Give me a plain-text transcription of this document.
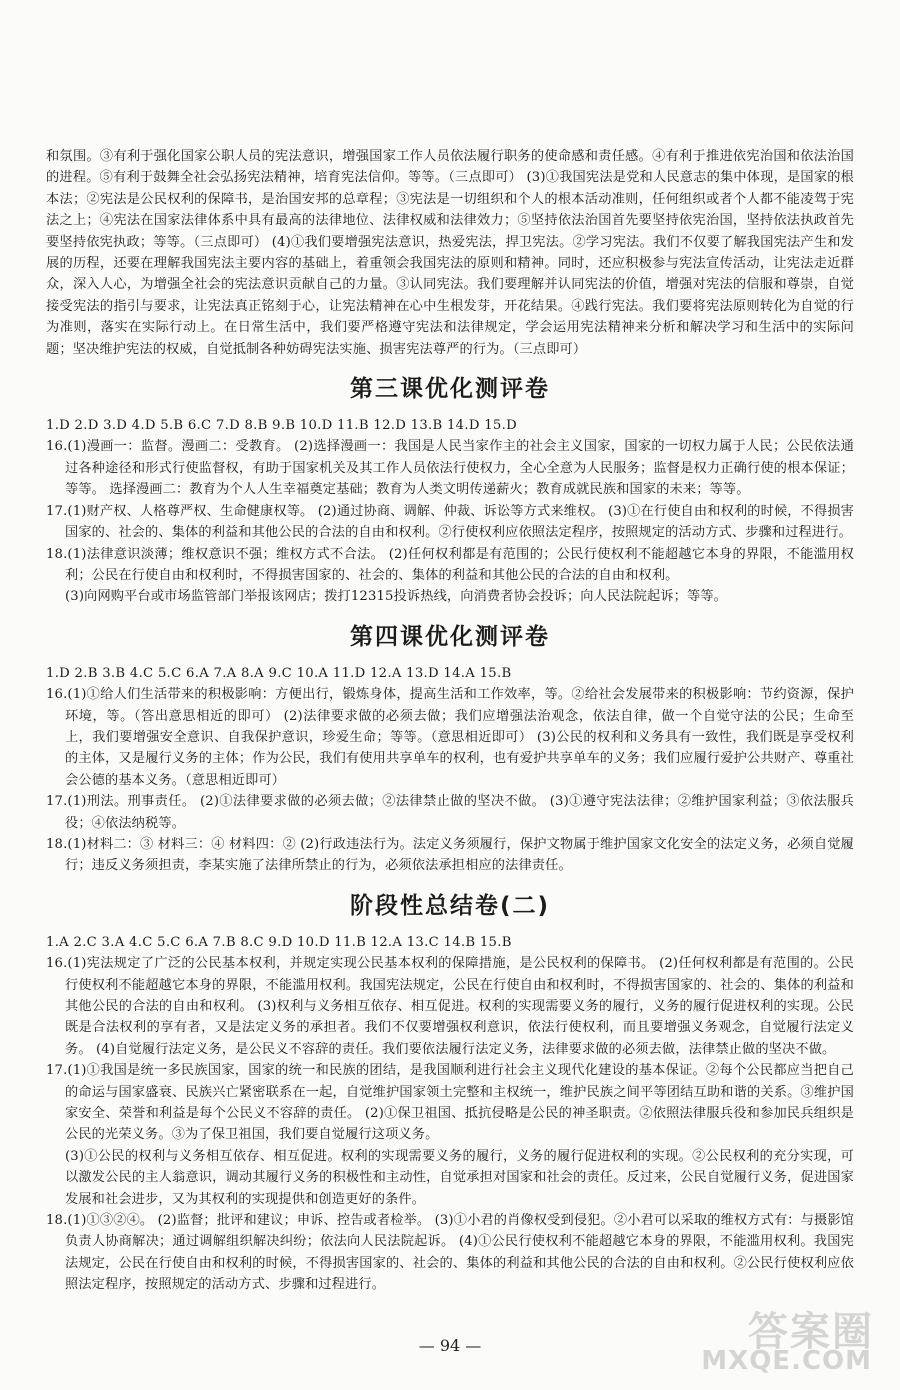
和氛围。③有利于强化国家公职人员的宪法意识，增强国家工作人员依法履行职务的使命感和责任感。④有利于推进依宪治国和依法治国的进程。⑤有利于鼓舞全社会弘扬宪法精神，培育宪法信仰。等等。（三点即可） (3)①我国宪法是党和人民意志的集中体现，是国家的根本法；②宪法是公民权利的保障书，是治国安邦的总章程；③宪法是一切组织和个人的根本活动准则，任何组织或者个人都不能凌驾于宪法之上；④宪法在国家法律体系中具有最高的法律地位、法律权威和法律效力；⑤坚持依法治国首先要坚持依宪治国，坚持依法执政首先要坚持依宪执政；等等。（三点即可） (4)①我们要增强宪法意识，热爱宪法，捍卫宪法。②学习宪法。我们不仅要了解我国宪法产生和发展的历程，还要在理解我国宪法主要内容的基础上，着重领会我国宪法的原则和精神。同时，还应积极参与宪法宣传活动，让宪法走近群众，深入人心，为增强全社会的宪法意识贡献自己的力量。③认同宪法。我们要理解并认同宪法的价值，增强对宪法的信服和尊崇，自觉接受宪法的指引与要求，让宪法真正铭刻于心，让宪法精神在心中生根发芽，开花结果。④践行宪法。我们要将宪法原则转化为自觉的行为准则，落实在实际行动上。在日常生活中，我们要严格遵守宪法和法律规定，学会运用宪法精神来分析和解决学习和生活中的实际问题；坚决维护宪法的权威，自觉抵制各种妨碍宪法实施、损害宪法尊严的行为。（三点即可）

第三课优化测评卷

1.D 2.D 3.D 4.D 5.B 6.C 7.D 8.B 9.B 10.D 11.B 12.D 13.B 14.D 15.D

16.(1)漫画一：监督。漫画二：受教育。 (2)选择漫画一：我国是人民当家作主的社会主义国家，国家的一切权力属于人民；公民依法通过各种途径和形式行使监督权，有助于国家机关及其工作人员依法行使权力，全心全意为人民服务；监督是权力正确行使的根本保证；等等。 选择漫画二：教育为个人人生幸福奠定基础；教育为人类文明传递薪火；教育成就民族和国家的未来；等等。

17.(1)财产权、人格尊严权、生命健康权等。 (2)通过协商、调解、仲裁、诉讼等方式来维权。 (3)①在行使自由和权利的时候，不得损害国家的、社会的、集体的利益和其他公民的合法的自由和权利。②行使权利应依照法定程序，按照规定的活动方式、步骤和过程进行。

18.(1)法律意识淡薄；维权意识不强；维权方式不合法。 (2)任何权利都是有范围的；公民行使权利不能超越它本身的界限，不能滥用权利；公民在行使自由和权利时，不得损害国家的、社会的、集体的利益和其他公民的合法的自由和权利。

(3)向网购平台或市场监管部门举报该网店；拨打12315投诉热线，向消费者协会投诉；向人民法院起诉；等等。

第四课优化测评卷

1.D 2.B 3.B 4.C 5.C 6.A 7.A 8.A 9.C 10.A 11.D 12.A 13.D 14.A 15.B

16.(1)①给人们生活带来的积极影响：方便出行，锻炼身体，提高生活和工作效率，等。②给社会发展带来的积极影响：节约资源，保护环境，等。（答出意思相近的即可） (2)法律要求做的必须去做；我们应增强法治观念，依法自律，做一个自觉守法的公民；生命至上，我们要增强安全意识、自我保护意识，珍爱生命；等等。（意思相近即可） (3)公民的权利和义务具有一致性，我们既是享受权利的主体，又是履行义务的主体；作为公民，我们有使用共享单车的权利，也有爱护共享单车的义务；我们应履行爱护公共财产、尊重社会公德的基本义务。（意思相近即可）

17.(1)刑法。刑事责任。 (2)①法律要求做的必须去做；②法律禁止做的坚决不做。 (3)①遵守宪法法律；②维护国家利益；③依法服兵役；④依法纳税等。

18.(1)材料二：③ 材料三：④ 材料四：② (2)行政违法行为。法定义务须履行，保护文物属于维护国家文化安全的法定义务，必须自觉履行；违反义务须担责，李某实施了法律所禁止的行为，必须依法承担相应的法律责任。

阶段性总结卷(二)

1.A 2.C 3.A 4.C 5.C 6.A 7.B 8.C 9.D 10.D 11.B 12.A 13.C 14.B 15.B

16.(1)宪法规定了广泛的公民基本权利，并规定实现公民基本权利的保障措施，是公民权利的保障书。 (2)任何权利都是有范围的。公民行使权利不能超越它本身的界限，不能滥用权利。我国宪法规定，公民在行使自由和权利时，不得损害国家的、社会的、集体的利益和其他公民的合法的自由和权利。 (3)权利与义务相互依存、相互促进。权利的实现需要义务的履行，义务的履行促进权利的实现。公民既是合法权利的享有者，又是法定义务的承担者。我们不仅要增强权利意识，依法行使权利，而且要增强义务观念，自觉履行法定义务。 (4)自觉履行法定义务，是公民义不容辞的责任。我们要依法履行法定义务，法律要求做的必须去做，法律禁止做的坚决不做。

17.(1)①我国是统一多民族国家，国家的统一和民族的团结，是我国顺利进行社会主义现代化建设的基本保证。②每个公民都应当把自己的命运与国家盛衰、民族兴亡紧密联系在一起，自觉维护国家领土完整和主权统一，维护民族之间平等团结互助和谐的关系。③维护国家安全、荣誉和利益是每个公民义不容辞的责任。 (2)①保卫祖国、抵抗侵略是公民的神圣职责。②依照法律服兵役和参加民兵组织是公民的光荣义务。③为了保卫祖国，我们要自觉履行这项义务。

(3)①公民的权利与义务相互依存、相互促进。权利的实现需要义务的履行，义务的履行促进权利的实现。②公民权利的充分实现，可以激发公民的主人翁意识，调动其履行义务的积极性和主动性，自觉承担对国家和社会的责任。反过来，公民自觉履行义务，促进国家发展和社会进步，又为其权利的实现提供和创造更好的条件。

18.(1)①③②④。 (2)监督；批评和建议；申诉、控告或者检举。 (3)①小君的肖像权受到侵犯。②小君可以采取的维权方式有：与摄影馆负责人协商解决；通过调解组织解决纠纷；依法向人民法院起诉。 (4)①公民行使权利不能超越它本身的界限，不能滥用权利。我国宪法规定，公民在行使自由和权利的时候，不得损害国家的、社会的、集体的利益和其他公民的合法的自由和权利。②公民行使权利应依照法定程序，按照规定的活动方式、步骤和过程进行。

— 94 —	答案圈
MXQE.COM
